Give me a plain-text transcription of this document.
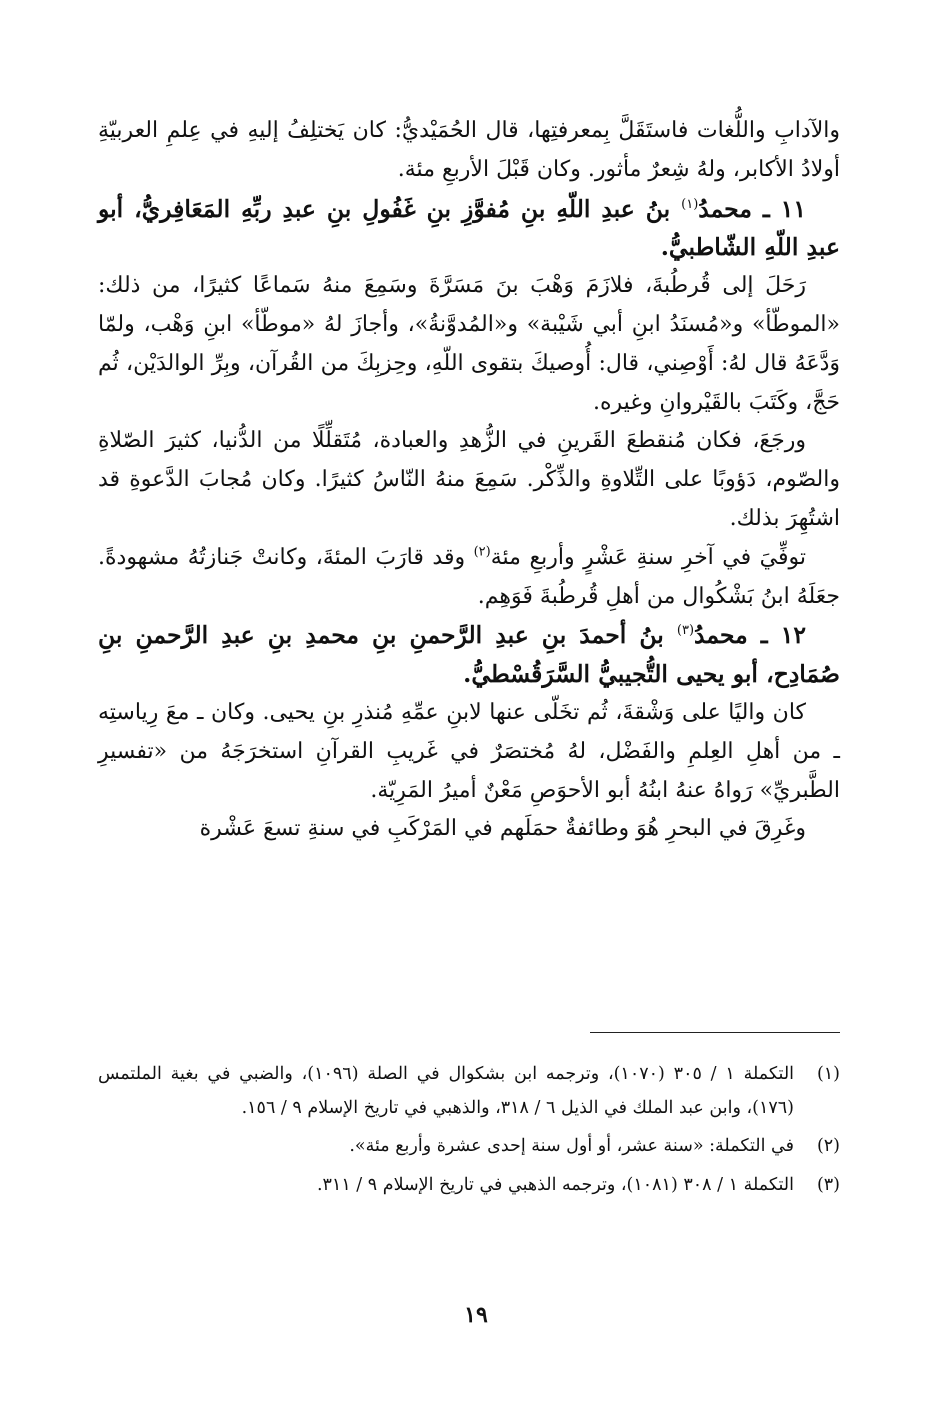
والآدابِ واللُّغات فاستَقَلَّ بِمعرفتِها، قال الحُمَيْديُّ: كان يَختلِفُ إليهِ في عِلمِ العربيّةِ أولادُ الأكابر، ولهُ شِعرٌ مأثور. وكان قَبْلَ الأربعِ مئة.

١١ ـ محمدُ$^{(١)}$ بنُ عبدِ اللّهِ بنِ مُفوَّزِ بنِ غَفُولِ بنِ عبدِ ربِّهِ المَعَافِريُّ، أبو عبدِ اللّهِ الشّاطبيُّ.

رَحَلَ إلى قُرطُبةَ، فلازَمَ وَهْبَ بنَ مَسَرَّةَ وسَمِعَ منهُ سَماعًا كثيرًا، من ذلك: «الموطّأ» و«مُسنَدُ ابنِ أبي شَيْبة» و«المُدوَّنةُ»، وأجازَ لهُ «موطّأ» ابنِ وَهْب، ولمّا وَدَّعَهُ قال لهُ: أَوْصِني، قال: أُوصيكَ بتقوى اللّهِ، وحِزبِكَ من القُرآن، وبِرِّ الوالدَيْن، ثُم حَجَّ، وكَتَبَ بالقَيْروانِ وغيره.

ورجَعَ، فكان مُنقطعَ القَرينِ في الزُّهدِ والعبادة، مُتَقلِّلًا من الدُّنيا، كثيرَ الصّلاةِ والصّوم، دَؤوبًا على التِّلاوةِ والذِّكْر. سَمِعَ منهُ النّاسُ كثيرًا. وكان مُجابَ الدَّعوةِ قد اشتُهِرَ بذلك.

توفِّيَ في آخرِ سنةِ عَشْرٍ وأربعِ مئة$^{(٢)}$ وقد قارَبَ المئةَ، وكانتْ جَنازتُهُ مشهودةً. جعَلَهُ ابنُ بَشْكُوال من أهلِ قُرطُبةَ فَوَهِم.

١٢ ـ محمدُ$^{(٣)}$ بنُ أحمدَ بنِ عبدِ الرَّحمنِ بنِ محمدِ بنِ عبدِ الرَّحمنِ بنِ صُمَادِح، أبو يحيى التُّجيبيُّ السَّرَقُسْطيُّ.

كان واليًا على وَشْقةَ، ثُم تخَلّى عنها لابنِ عمِّهِ مُنذرِ بنِ يحيى. وكان ـ معَ رِياستِه ـ من أهلِ العِلمِ والفَضْل، لهُ مُختصَرٌ في غَريبِ القرآنِ استخرَجَهُ من «تفسيرِ الطَّبريِّ» رَواهُ عنهُ ابنُهُ أبو الأحوَصِ مَعْنٌ أميرُ المَرِيّة.

وغَرِقَ في البحرِ هُوَ وطائفةٌ حمَلَهم في المَرْكَبِ في سنةِ تسعَ عَشْرة

(١)
التكملة ١ / ٣٠٥ (١٠٧٠)، وترجمه ابن بشكوال في الصلة (١٠٩٦)، والضبي في بغية الملتمس (١٧٦)، وابن عبد الملك في الذيل ٦ / ٣١٨، والذهبي في تاريخ الإسلام ٩ / ١٥٦.

(٢)
في التكملة: «سنة عشر، أو أول سنة إحدى عشرة وأربع مئة».

(٣)
التكملة ١ / ٣٠٨ (١٠٨١)، وترجمه الذهبي في تاريخ الإسلام ٩ / ٣١١.

١٩
